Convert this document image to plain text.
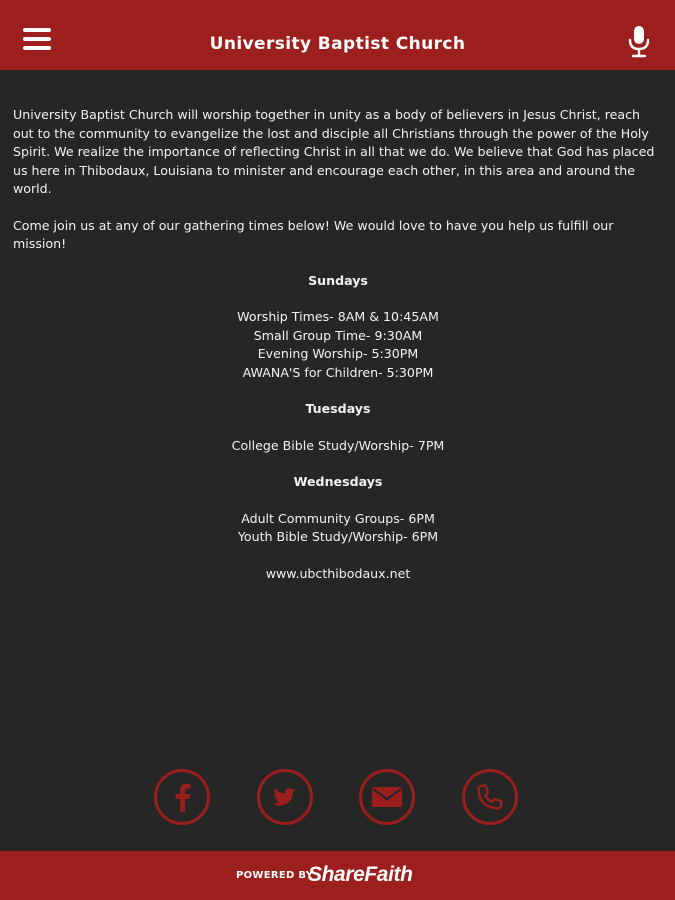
University Baptist Church

University Baptist Church will worship together in unity as a body of believers in Jesus Christ, reach out to the community to evangelize the lost and disciple all Christians through the power of the Holy Spirit. We realize the importance of reflecting Christ in all that we do. We believe that God has placed us here in Thibodaux, Louisiana to minister and encourage each other, in this area and around the world.

Come join us at any of our gathering times below! We would love to have you help us fulfill our mission!

Sundays
Worship Times- 8AM & 10:45AM
Small Group Time- 9:30AM
Evening Worship- 5:30PM
AWANA'S for Children- 5:30PM
Tuesdays
College Bible Study/Worship- 7PM
Wednesdays
Adult Community Groups- 6PM
Youth Bible Study/Worship- 6PM
www.ubcthibodaux.net
POWERED BY
ShareFaith
